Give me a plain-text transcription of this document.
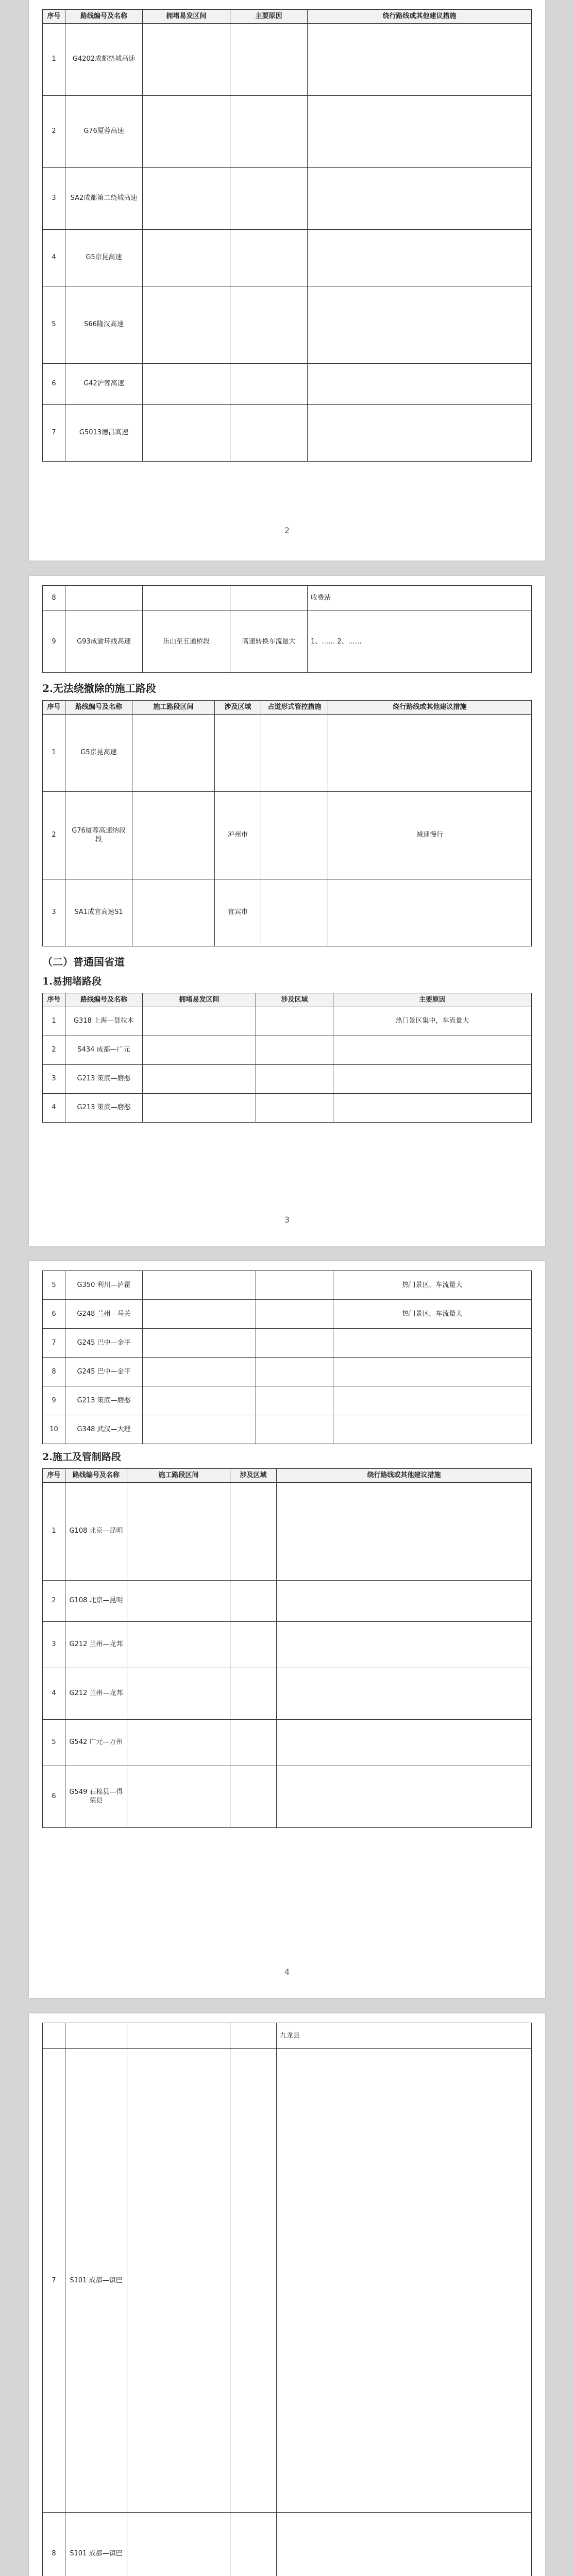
序号	路线编号及名称	拥堵易发区间	主要原因	绕行路线或其他建议措施
1	G4202成都绕城高速			
2	G76厦蓉高速			
3	SA2成都第二绕城高速			
4	G5京昆高速			
5	S66隆汉高速			
6	G42沪蓉高速			
7	G5013德昌高速			
2
8				收费站
9	G93成渝环线高速	乐山至五通桥段	高速转换车流量大	1、…… 2、……
2.无法绕撤除的施工路段
序号	路线编号及名称	施工路段区间	涉及区域	占道形式管控措施	绕行路线或其他建议措施
1	G5京昆高速				
2	G76厦蓉高速纳叙段		泸州市		减速慢行
3	SA1成宜高速S1		宜宾市		
（二）普通国省道
1.易拥堵路段
序号	路线编号及名称	拥堵易发区间	涉及区域	主要原因
1	G318 上海—聂拉木			热门景区集中，车流量大
2	S434 成都—广元			
3	G213 策底—磨憨			
4	G213 策底—磨憨			
3
5	G350 利川—泸霍			热门景区，车流量大
6	G248 兰州—马关			热门景区，车流量大
7	G245 巴中—金平			
8	G245 巴中—金平			
9	G213 策底—磨憨			
10	G348 武汉—大理			
2.施工及管制路段
序号	路线编号及名称	施工路段区间	涉及区域	绕行路线或其他建议措施
1	G108 北京—昆明			
2	G108 北京—昆明			
3	G212 兰州—龙邦			
4	G212 兰州—龙邦			
5	G542 广元—万州			
6	G549 石棉县—得荣县			
4
				九龙县
7	S101 成都—镇巴			
8	S101 成都—镇巴			
